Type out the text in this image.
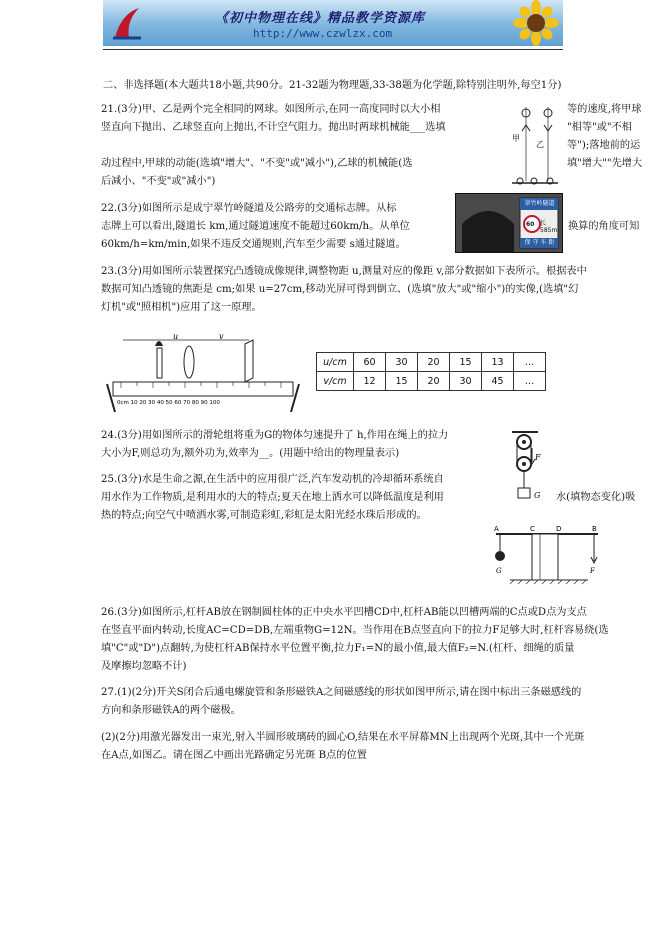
《初中物理在线》精品教学资源库
http://www.czwlzx.com
二、非选择题(本大题共18小题,共90分。21-32题为物理题,33-38题为化学题,除特别注明外,每空1分)
21.(3分)甲、乙是两个完全相同的网球。如图所示,在同一高度同时以大小相
竖直向下抛出、乙球竖直向上抛出,不计空气阻力。抛出时两球机械能___选填
动过程中,甲球的动能(选填"增大"、"不变"或"减小"),乙球的机械能(选
后减小、"不变"或"减小")
等的速度,将甲球
"相等"或"不相
等");落地前的运
填"增大""先增大
甲
乙
22.(3分)如图所示是成宁翠竹岭隧道及公路旁的交通标志牌。从标
志牌上可以看出,隧道长 km,通过隧道速度不能超过60km/h。从单位
60km/h=km/min,如果不违反交通规则,汽车至少需要 s通过隧道。
换算的角度可知
翠竹岭隧道
长585m
60
保 守 车 距
23.(3分)用如图所示装置探究凸透镜成像规律,调整物距 u,测量对应的像距 v,部分数据如下表所示。根据表中
数据可知凸透镜的焦距是 cm;如果 u=27cm,移动光屏可得到倒立、(选填"放大"或"缩小")的实像,(选填"幻
灯机"或"照相机")应用了这一原理。
u	v
0cm 10 20 30 40 50 60 70 80 90 100
u/cm	60	30	20	15	13	…
v/cm	12	15	20	30	45	…
24.(3分)用如图所示的滑轮组将重为G的物体匀速提升了 h,作用在绳上的拉力
大小为F,则总功为,额外功为,效率为__。(用题中给出的物理量表示)	F
G
25.(3分)水是生命之源,在生活中的应用很广泛,汽车发动机的冷却循环系统自
用水作为工作物质,是利用水的大的特点;夏天在地上洒水可以降低温度是利用
热的特点;向空气中喷洒水雾,可制造彩虹,彩虹是太阳光经水珠后形成的。
水(填物态变化)吸
A	C	D	B
G	F
26.(3分)如图所示,杠杆AB放在钢制圆柱体的正中央水平凹槽CD中,杠杆AB能以凹槽两端的C点或D点为支点
在竖直平面内转动,长度AC=CD=DB,左端重物G=12N。当作用在B点竖直向下的拉力F足够大时,杠杆容易绕(选
填"C"或"D")点翻转,为使杠杆AB保持水平位置平衡,拉力F₁=N的最小值,最大值F₂=N.(杠杆、细绳的质量
及摩擦均忽略不计)
27.(1)(2分)开关S闭合后通电螺旋管和条形磁铁A之间磁感线的形状如图甲所示,请在图中标出三条磁感线的
方向和条形磁铁A的两个磁极。
(2)(2分)用激光器发出一束光,射入半圆形玻璃砖的圆心O,结果在水平屏幕MN上出现两个光斑,其中一个光斑
在A点,如图乙。请在图乙中画出光路确定另光斑 B点的位置
